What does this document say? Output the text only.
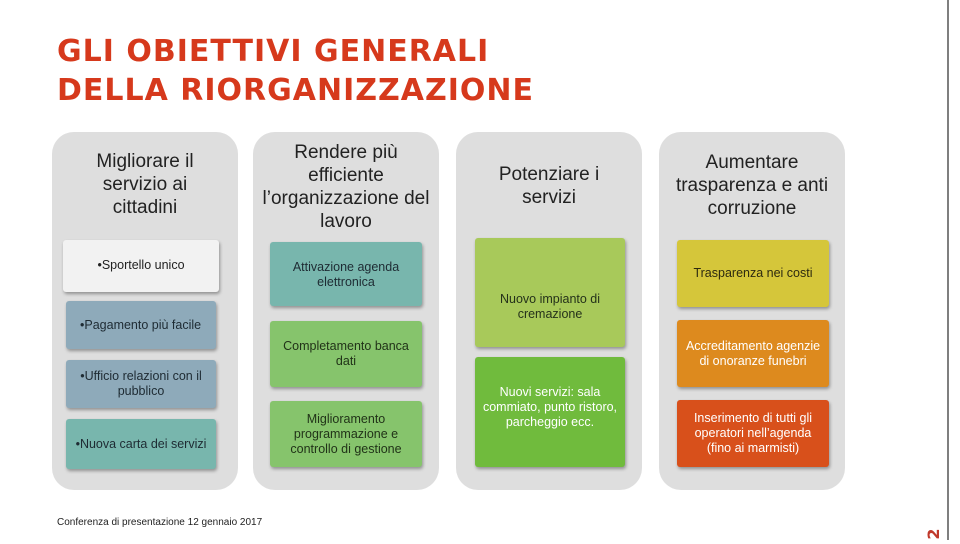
GLI OBIETTIVI GENERALI
DELLA RIORGANIZZAZIONE
Migliorare il servizio ai cittadini
•Sportello unico
•Pagamento più facile
•Ufficio relazioni con il pubblico
•Nuova carta dei servizi
Rendere più efficiente l’organizzazione del lavoro
Attivazione agenda elettronica
Completamento banca dati
Miglioramento programmazione e controllo di gestione
Potenziare i servizi
Nuovo impianto di cremazione
Nuovi servizi: sala commiato, punto ristoro, parcheggio ecc.
Aumentare trasparenza e anti corruzione
Trasparenza nei costi
Accreditamento agenzie di onoranze funebri
Inserimento di tutti gli operatori nell’agenda (fino ai marmisti)
Conferenza di presentazione 12 gennaio 2017
2
